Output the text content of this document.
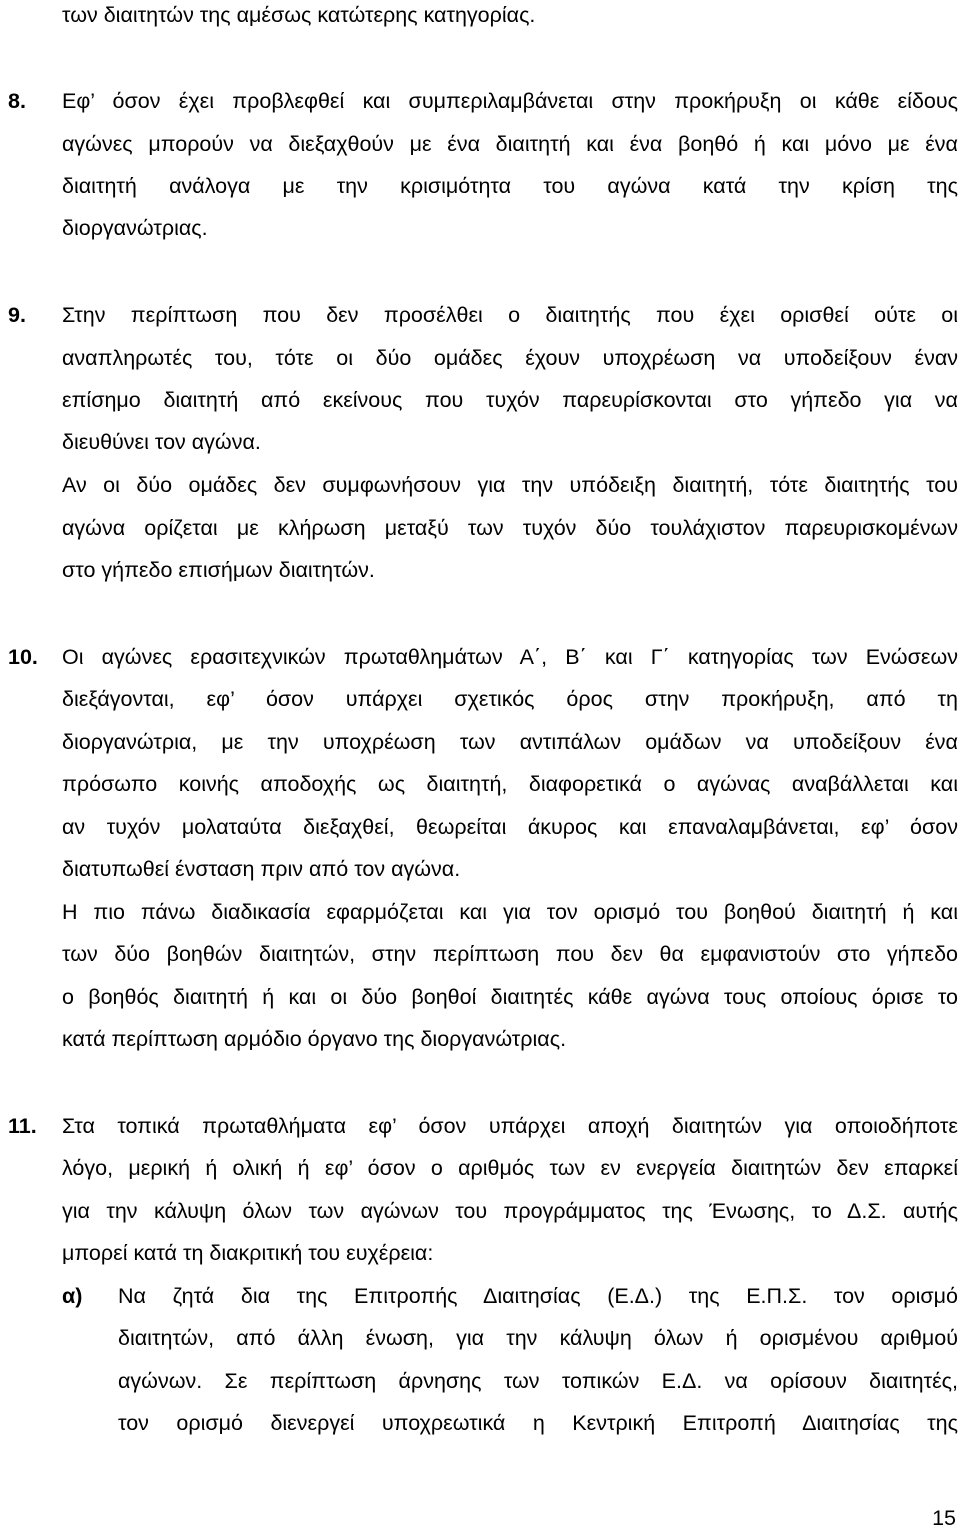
των διαιτητών της αμέσως κατώτερης κατηγορίας.
8. Εφ’ όσον έχει προβλεφθεί και συμπεριλαμβάνεται στην προκήρυξη οι κάθε είδους
αγώνες μπορούν να διεξαχθούν με ένα διαιτητή και ένα βοηθό ή και μόνο με ένα
διαιτητή ανάλογα με την κρισιμότητα του αγώνα κατά την κρίση της
διοργανώτριας.
9. Στην περίπτωση που δεν προσέλθει ο διαιτητής που έχει ορισθεί ούτε οι
αναπληρωτές του, τότε οι δύο ομάδες έχουν υποχρέωση να υποδείξουν έναν
επίσημο διαιτητή από εκείνους που τυχόν παρευρίσκονται στο γήπεδο για να
διευθύνει τον αγώνα.
Αν οι δύο ομάδες δεν συμφωνήσουν για την υπόδειξη διαιτητή, τότε διαιτητής του
αγώνα ορίζεται με κλήρωση μεταξύ των τυχόν δύο τουλάχιστον παρευρισκομένων
στο γήπεδο επισήμων διαιτητών.
10. Οι αγώνες ερασιτεχνικών πρωταθλημάτων Α΄, Β΄ και Γ΄ κατηγορίας των Ενώσεων
διεξάγονται, εφ’ όσον υπάρχει σχετικός όρος στην προκήρυξη, από τη
διοργανώτρια, με την υποχρέωση των αντιπάλων ομάδων να υποδείξουν ένα
πρόσωπο κοινής αποδοχής ως διαιτητή, διαφορετικά ο αγώνας αναβάλλεται και
αν τυχόν μολαταύτα διεξαχθεί, θεωρείται άκυρος και επαναλαμβάνεται, εφ’ όσον
διατυπωθεί ένσταση πριν από τον αγώνα.
Η πιο πάνω διαδικασία εφαρμόζεται και για τον ορισμό του βοηθού διαιτητή ή και
των δύο βοηθών διαιτητών, στην περίπτωση που δεν θα εμφανιστούν στο γήπεδο
ο βοηθός διαιτητή ή και οι δύο βοηθοί διαιτητές κάθε αγώνα τους οποίους όρισε το
κατά περίπτωση αρμόδιο όργανο της διοργανώτριας.
11. Στα τοπικά πρωταθλήματα εφ’ όσον υπάρχει αποχή διαιτητών για οποιοδήποτε
λόγο, μερική ή ολική ή εφ’ όσον ο αριθμός των εν ενεργεία διαιτητών δεν επαρκεί
για την κάλυψη όλων των αγώνων του προγράμματος της Ένωσης, το Δ.Σ. αυτής
μπορεί κατά τη διακριτική του ευχέρεια:
α) Να ζητά δια της Επιτροπής Διαιτησίας (Ε.Δ.) της Ε.Π.Σ. τον ορισμό
διαιτητών, από άλλη ένωση, για την κάλυψη όλων ή ορισμένου αριθμού
αγώνων. Σε περίπτωση άρνησης των τοπικών Ε.Δ. να ορίσουν διαιτητές,
τον ορισμό διενεργεί υποχρεωτικά η Κεντρική Επιτροπή Διαιτησίας της
15
